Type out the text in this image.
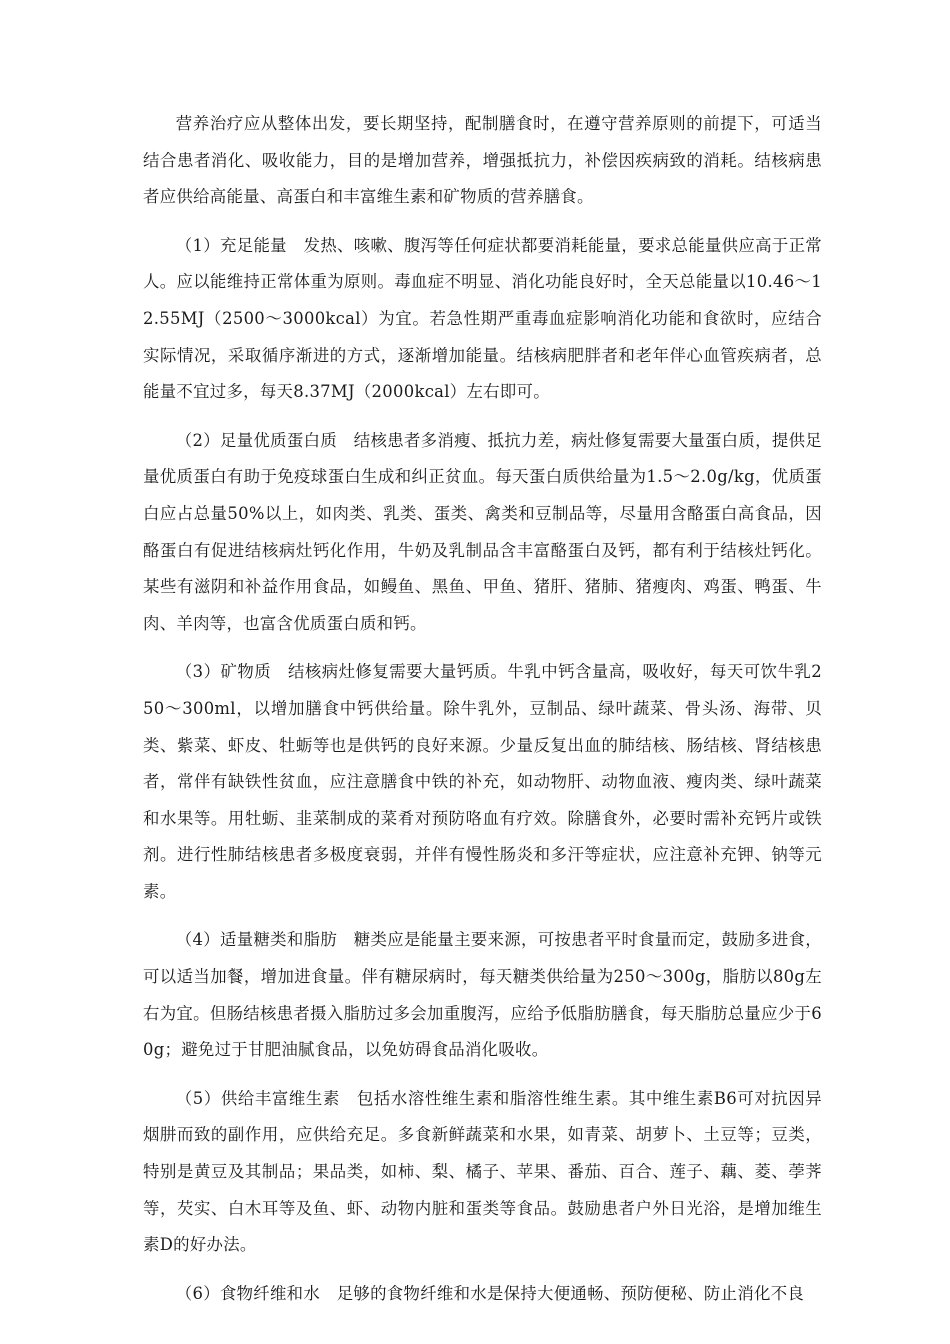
营养治疗应从整体出发，要长期坚持，配制膳食时，在遵守营养原则的前提下，可适当结合患者消化、吸收能力，目的是增加营养，增强抵抗力，补偿因疾病致的消耗。结核病患者应供给高能量、高蛋白和丰富维生素和矿物质的营养膳食。

（1）充足能量　发热、咳嗽、腹泻等任何症状都要消耗能量，要求总能量供应高于正常人。应以能维持正常体重为原则。毒血症不明显、消化功能良好时，全天总能量以10.46～12.55MJ（2500～3000kcal）为宜。若急性期严重毒血症影响消化功能和食欲时，应结合实际情况，采取循序渐进的方式，逐渐增加能量。结核病肥胖者和老年伴心血管疾病者，总能量不宜过多，每天8.37MJ（2000kcal）左右即可。

（2）足量优质蛋白质　结核患者多消瘦、抵抗力差，病灶修复需要大量蛋白质，提供足量优质蛋白有助于免疫球蛋白生成和纠正贫血。每天蛋白质供给量为1.5～2.0g/kg，优质蛋白应占总量50%以上，如肉类、乳类、蛋类、禽类和豆制品等，尽量用含酪蛋白高食品，因酪蛋白有促进结核病灶钙化作用，牛奶及乳制品含丰富酪蛋白及钙，都有利于结核灶钙化。某些有滋阴和补益作用食品，如鳗鱼、黑鱼、甲鱼、猪肝、猪肺、猪瘦肉、鸡蛋、鸭蛋、牛肉、羊肉等，也富含优质蛋白质和钙。

（3）矿物质　结核病灶修复需要大量钙质。牛乳中钙含量高，吸收好，每天可饮牛乳250～300ml，以增加膳食中钙供给量。除牛乳外，豆制品、绿叶蔬菜、骨头汤、海带、贝类、紫菜、虾皮、牡蛎等也是供钙的良好来源。少量反复出血的肺结核、肠结核、肾结核患者，常伴有缺铁性贫血，应注意膳食中铁的补充，如动物肝、动物血液、瘦肉类、绿叶蔬菜和水果等。用牡蛎、韭菜制成的菜肴对预防咯血有疗效。除膳食外，必要时需补充钙片或铁剂。进行性肺结核患者多极度衰弱，并伴有慢性肠炎和多汗等症状，应注意补充钾、钠等元素。

（4）适量糖类和脂肪　糖类应是能量主要来源，可按患者平时食量而定，鼓励多进食，可以适当加餐，增加进食量。伴有糖尿病时，每天糖类供给量为250～300g，脂肪以80g左右为宜。但肠结核患者摄入脂肪过多会加重腹泻，应给予低脂肪膳食，每天脂肪总量应少于60g；避免过于甘肥油腻食品，以免妨碍食品消化吸收。

（5）供给丰富维生素　包括水溶性维生素和脂溶性维生素。其中维生素B6可对抗因异烟肼而致的副作用，应供给充足。多食新鲜蔬菜和水果，如青菜、胡萝卜、土豆等；豆类，特别是黄豆及其制品；果品类，如柿、梨、橘子、苹果、番茄、百合、莲子、藕、菱、荸荠等，芡实、白木耳等及鱼、虾、动物内脏和蛋类等食品。鼓励患者户外日光浴，是增加维生素D的好办法。

（6）食物纤维和水　足够的食物纤维和水是保持大便通畅、预防便秘、防止消化不良
